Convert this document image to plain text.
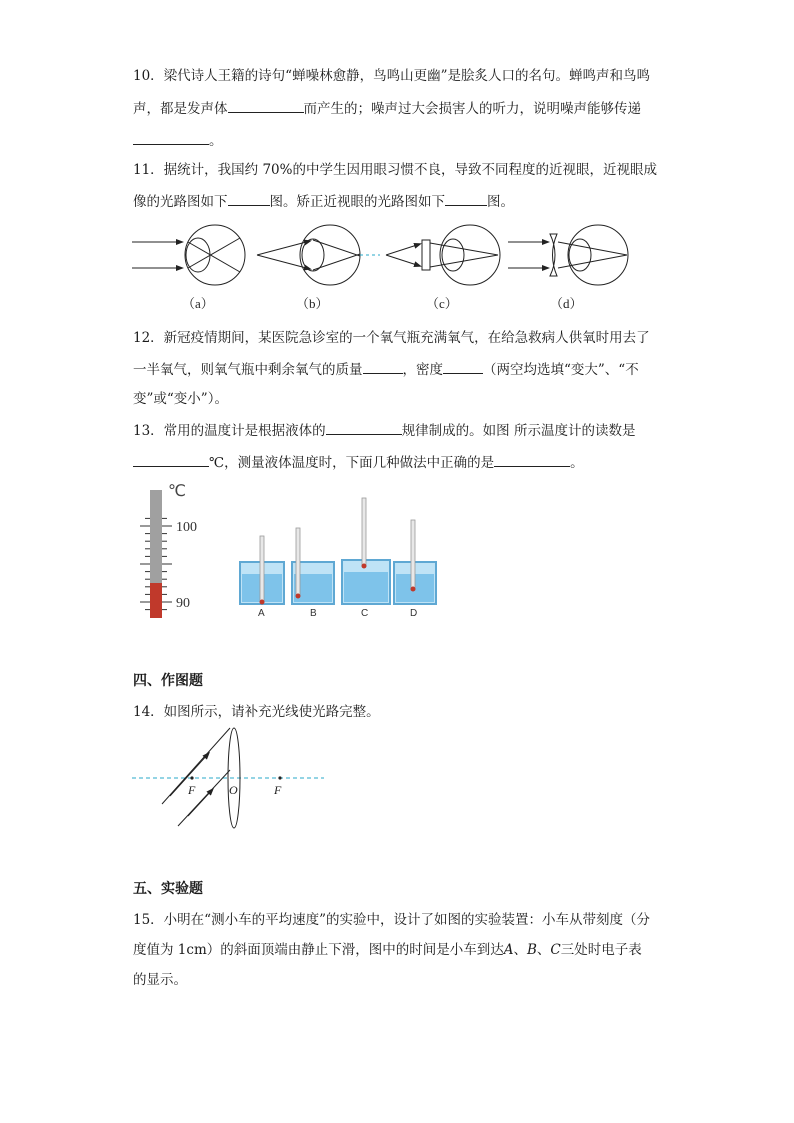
10．梁代诗人王籍的诗句“蝉噪林愈静，鸟鸣山更幽”是脍炙人口的名句。蝉鸣声和鸟鸣
声，都是发声体	而产生的；噪声过大会损害人的听力，说明噪声能够传递
。
11．据统计，我国约 70%的中学生因用眼习惯不良，导致不同程度的近视眼，近视眼成
像的光路图如下	图。矫正近视眼的光路图如下	图。
（a）	（b）	（c）	（d）
12．新冠疫情期间，某医院急诊室的一个氧气瓶充满氧气，在给急救病人供氧时用去了
一半氧气，则氧气瓶中剩余氧气的质量	，密度	（两空均选填“变大”、“不
变”或“变小”）。
13．常用的温度计是根据液体的	规律制成的。如图 所示温度计的读数是
℃，测量液体温度时，下面几种做法中正确的是	。
℃
100
90
A	B	C	D
四、作图题
14．如图所示，请补充光线使光路完整。
F	O	F
五、实验题
15．小明在“测小车的平均速度”的实验中，设计了如图的实验装置：小车从带刻度（分
度值为 1cm）的斜面顶端由静止下滑，图中的时间是小车到达A、B、C三处时电子表
的显示。
